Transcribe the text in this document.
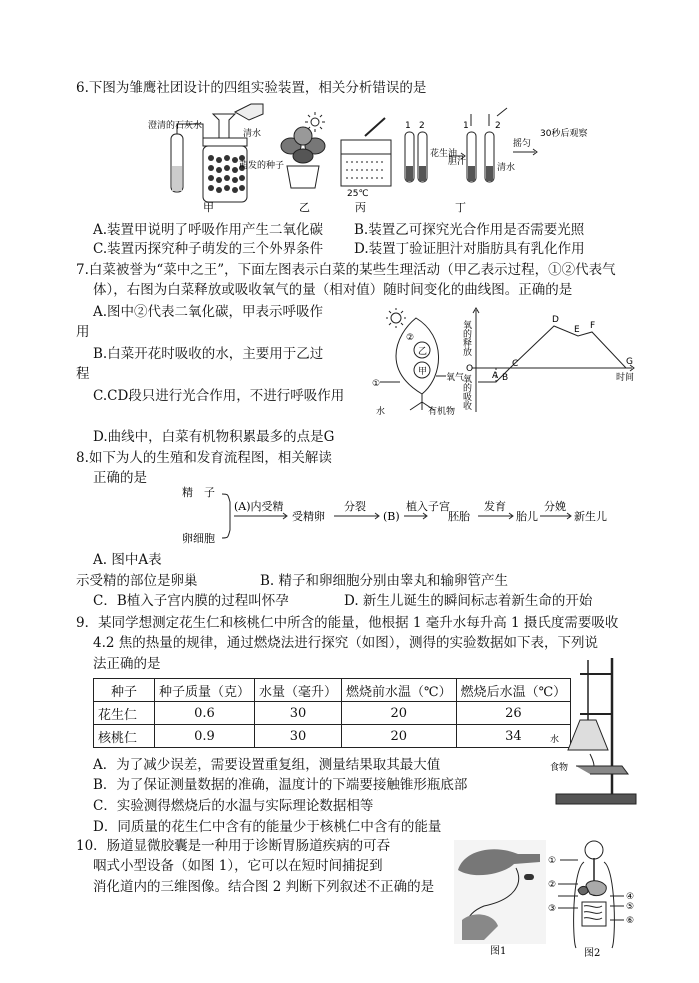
6.下图为雏鹰社团设计的四组实验装置，相关分析错误的是
澄清的石灰水
清水
萌发的种子
甲	乙
25℃
丙
1 2	1	2
花生油
胆汁
摇匀
清水
30秒后观察
丁
A.装置甲说明了呼吸作用产生二氧化碳 B.装置乙可探究光合作用是否需要光照
C.装置丙探究种子萌发的三个外界条件 D.装置丁验证胆汁对脂肪具有乳化作用
7.白菜被誉为“菜中之王”，下面左图表示白菜的某些生理活动（甲乙表示过程，①②代表气
体），右图为白菜释放或吸收氧气的量（相对值）随时间变化的曲线图。正确的是
A.图中②代表二氧化碳，甲表示呼吸作
用
B.白菜开花时吸收的水，主要用于乙过
程
C.CD段只进行光合作用，不进行呼吸作用
D.曲线中，白菜有机物积累最多的点是G
乙
甲
①
②
氧气
水	有机物
氧的释放
氧的吸收
O
时间
A B
C
D
E F
G
8.如下为人的生殖和发育流程图，相关解读
正确的是
精　子
卵细胞
(A)内受精
受精卵
分裂
(B)
植入子宫
胚胎
发育
胎儿
分娩
新生儿
A. 图中A表
示受精的部位是卵巢	B. 精子和卵细胞分别由睾丸和输卵管产生
C．B植入子宫内膜的过程叫怀孕	D. 新生儿诞生的瞬间标志着新生命的开始
9．某同学想测定花生仁和核桃仁中所含的能量，他根据 1 毫升水每升高 1 摄氏度需要吸收
4.2 焦的热量的规律，通过燃烧法进行探究（如图），测得的实验数据如下表，下列说
法正确的是
种子	种子质量（克）	水量（毫升）	燃烧前水温（℃）	燃烧后水温（℃）
花生仁	0.6	30	20	26
核桃仁	0.9	30	20	34	水
食物
A．为了减少误差，需要设置重复组，测量结果取其最大值
B．为了保证测量数据的准确，温度计的下端要接触锥形瓶底部
C．实验测得燃烧后的水温与实际理论数据相等
D．同质量的花生仁中含有的能量少于核桃仁中含有的能量
10．肠道显微胶囊是一种用于诊断胃肠道疾病的可吞
咽式小型设备（如图 1），它可以在短时间捕捉到
消化道内的三维图像。结合图 2 判断下列叙述不正确的是
图1
①
②
③
④
⑤
⑥
图2
